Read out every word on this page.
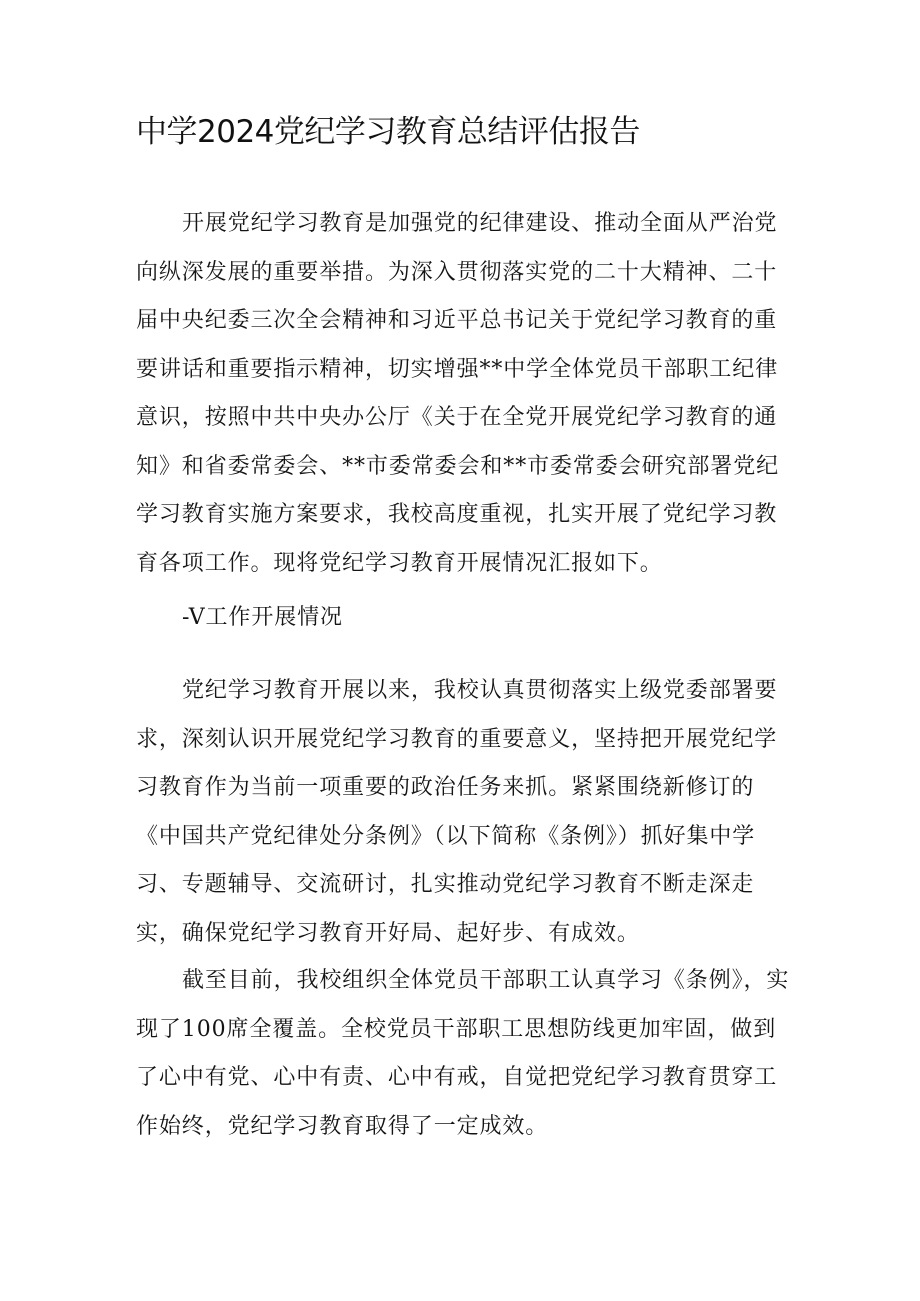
中学2024党纪学习教育总结评估报告

开展党纪学习教育是加强党的纪律建设、推动全面从严治党向纵深发展的重要举措。为深入贯彻落实党的二十大精神、二十届中央纪委三次全会精神和习近平总书记关于党纪学习教育的重要讲话和重要指示精神，切实增强**中学全体党员干部职工纪律意识，按照中共中央办公厅《关于在全党开展党纪学习教育的通知》和省委常委会、**市委常委会和**市委常委会研究部署党纪学习教育实施方案要求，我校高度重视，扎实开展了党纪学习教育各项工作。现将党纪学习教育开展情况汇报如下。

-V工作开展情况

党纪学习教育开展以来，我校认真贯彻落实上级党委部署要求，深刻认识开展党纪学习教育的重要意义，坚持把开展党纪学习教育作为当前一项重要的政治任务来抓。紧紧围绕新修订的《中国共产党纪律处分条例》（以下简称《条例》）抓好集中学习、专题辅导、交流研讨，扎实推动党纪学习教育不断走深走实，确保党纪学习教育开好局、起好步、有成效。

截至目前，我校组织全体党员干部职工认真学习《条例》，实现了100席全覆盖。全校党员干部职工思想防线更加牢固，做到了心中有党、心中有责、心中有戒，自觉把党纪学习教育贯穿工作始终，党纪学习教育取得了一定成效。
